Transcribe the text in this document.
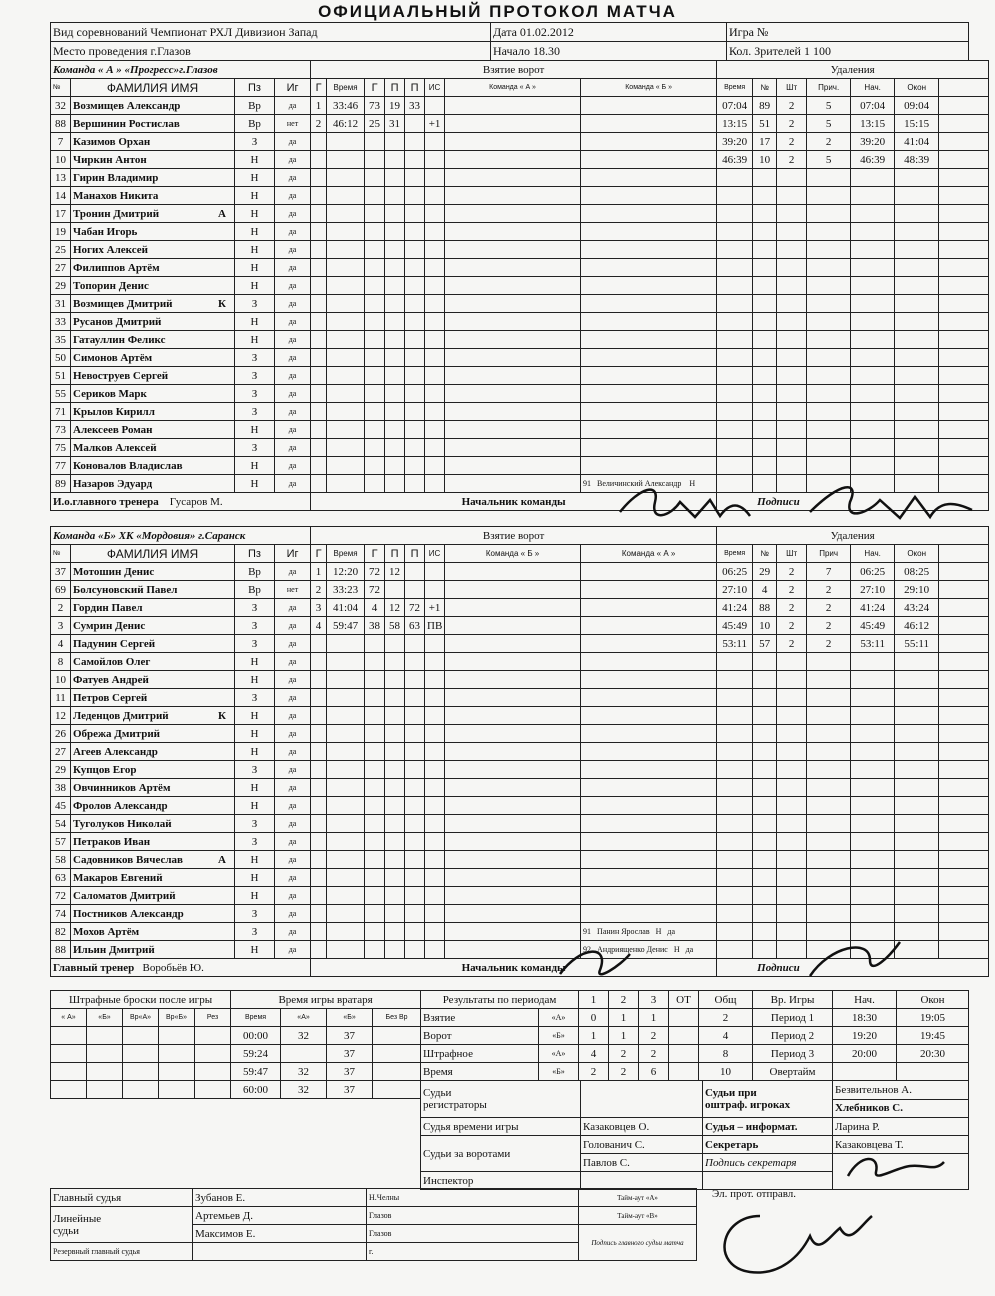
ОФИЦИАЛЬНЫЙ ПРОТОКОЛ МАТЧА
Вид соревнований Чемпионат РХЛ Дивизион Запад	Дата 01.02.2012	Игра №
Место проведения г.Глазов	Начало 18.30	Кол. Зрителей 1 100
Команда « А » «Прогресс»г.Глазов				Взятие ворот								Удаления						
№	ФАМИЛИЯ ИМЯ	Пз	Иг	Г	Время	Г	П	П	ИС	Команда « А »	Команда « Б »	Время	№	Шт	Прич.	Нач.	Окон	
32	Возмищев Александр	Вр	да	1	33:46	73	19	33				07:04	89	2	5	07:04	09:04	
88	Вершинин Ростислав	Вр	нет	2	46:12	25	31		+1			13:15	51	2	5	13:15	15:15	
7	Казимов Орхан	З	да									39:20	17	2	2	39:20	41:04	
10	Чиркин Антон	Н	да									46:39	10	2	5	46:39	48:39	
13	Гирин Владимир	Н	да															
14	Манахов Никита	Н	да															
17	Тронин Дмитрий А	Н	да															
19	Чабан Игорь	Н	да															
25	Ногих Алексей	Н	да															
27	Филиппов Артём	Н	да															
29	Топорин Денис	Н	да															
31	Возмищев Дмитрий К	З	да															
33	Русанов Дмитрий	Н	да															
35	Гатауллин Феликс	Н	да															
50	Симонов Артём	З	да															
51	Невоструев Сергей	З	да															
55	Сериков Марк	З	да															
71	Крылов Кирилл	З	да															
73	Алексеев Роман	Н	да															
75	Малков Алексей	З	да															
77	Коновалов Владислав	Н	да															
89	Назаров Эдуард	Н	да								91 Величинский Александр Н							
И.о.главного тренера Гусаров М.				Начальник команды								Подписи						
Команда «Б» ХК «Мордовия» г.Саранск				Взятие ворот								Удаления						
№	ФАМИЛИЯ ИМЯ	Пз	Иг	Г	Время	Г	П	П	ИС	Команда « Б »	Команда « А »	Время	№	Шт	Прич	Нач.	Окон	
37	Мотошин Денис	Вр	да	1	12:20	72	12					06:25	29	2	7	06:25	08:25	
69	Болсуновский Павел	Вр	нет	2	33:23	72						27:10	4	2	2	27:10	29:10	
2	Гордин Павел	З	да	3	41:04	4	12	72	+1			41:24	88	2	2	41:24	43:24	
3	Сумрин Денис	З	да	4	59:47	38	58	63	ПВ			45:49	10	2	2	45:49	46:12	
4	Падунин Сергей	З	да									53:11	57	2	2	53:11	55:11	
8	Самойлов Олег	Н	да															
10	Фатуев Андрей	Н	да															
11	Петров Сергей	З	да															
12	Леденцов Дмитрий К	Н	да															
26	Обрежа Дмитрий	Н	да															
27	Агеев Александр	Н	да															
29	Купцов Егор	З	да															
38	Овчинников Артём	Н	да															
45	Фролов Александр	Н	да															
54	Туголуков Николай	З	да															
57	Петраков Иван	З	да															
58	Садовников Вячеслав А	Н	да															
63	Макаров Евгений	Н	да															
72	Саломатов Дмитрий	Н	да															
74	Постников Александр	З	да															
82	Мохов Артём	З	да								91 Панин Ярослав Н да							
88	Ильин Дмитрий	Н	да								92 Андриященко Денис Н да							
Главный тренер Воробьёв Ю.				Начальник команды								Подписи						
Штрафные броски после игры					Время игры вратаря			
« А»	«Б»	Вр«А»	Вр«Б»	Рез	Время	«А»	«Б»	Без Вр
					00:00	32	37	
					59:24		37	
					59:47	32	37	
					60:00	32	37	
Результаты по периодам		1	2	3	ОТ	Общ	Вр. Игры	Нач.	Окон
Взятие	«А»	0	1	1		2	Период 1	18:30	19:05
Ворот	«Б»	1	1	2		4	Период 2	19:20	19:45
Штрафное	«А»	4	2	2		8	Период 3	20:00	20:30
Время	«Б»	2	2	6		10	Овертайм		
Судьи
регистраторы		Судьи при
оштраф. игроках	Безвительнов А.
			Хлебников С.
Судья времени игры	Казаковцев О.	Судья – информат.	Ларина Р.
Судьи за воротами	Голованич С.	Секретарь	Казаковцева Т.
	Павлов С.	Подпись секретаря	
Инспектор			
Главный судья	Зубанов Е.	Н.Челны	Тайм-аут «А»
Линейные
судьи	Артемьев Д.	Глазов	Тайм-аут «В»
	Максимов Е.	Глазов	Подпись главного судьи матча
Резервный главный судья		г.	
Эл. прот. отправл.
